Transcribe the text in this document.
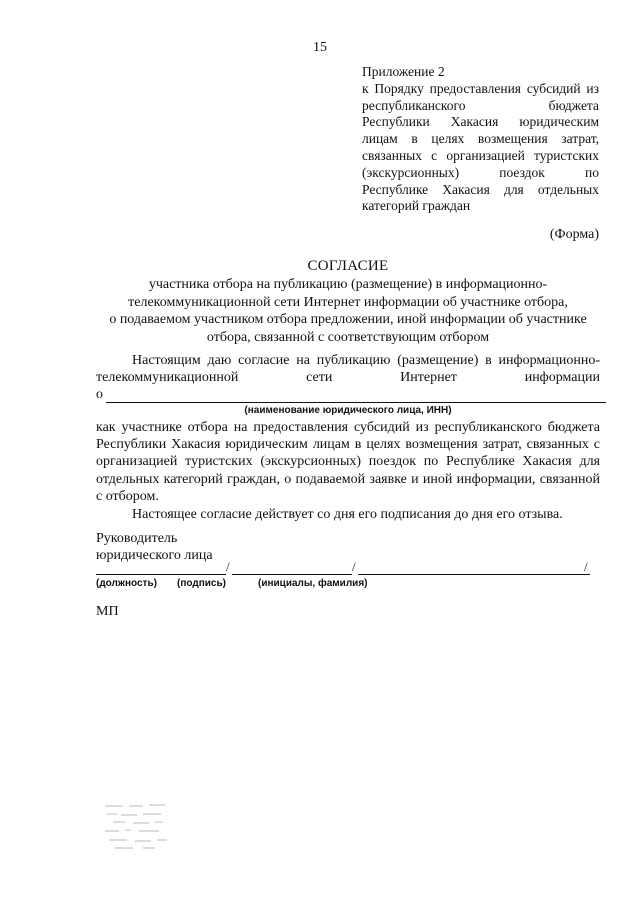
15
Приложение 2
к Порядку предоставления субсидий из
республиканского бюджета
Республики Хакасия юридическим
лицам в целях возмещения затрат,
связанных с организацией туристских
(экскурсионных) поездок по
Республике Хакасия для отдельных
категорий граждан
(Форма)
СОГЛАСИЕ
участника отбора на публикацию (размещение) в информационно-
телекоммуникационной сети Интернет информации об участнике отбора,
о подаваемом участником отбора предложении, иной информации об участнике
отбора, связанной с соответствующим отбором
Настоящим даю согласие на публикацию (размещение) в информационно-
телекоммуникационной сети Интернет информации
о
(наименование юридического лица, ИНН)
как участнике отбора на предоставления субсидий из республиканского бюджета
Республики Хакасия юридическим лицам в целях возмещения затрат, связанных с
организацией туристских (экскурсионных) поездок по Республике Хакасия для
отдельных категорий граждан, о подаваемой заявке и иной информации, связанной
с отбором.
Настоящее согласие действует со дня его подписания до дня его отзыва.
Руководитель
юридического лица
/	/	/
(должность) (подпись)	(инициалы, фамилия)
МП
